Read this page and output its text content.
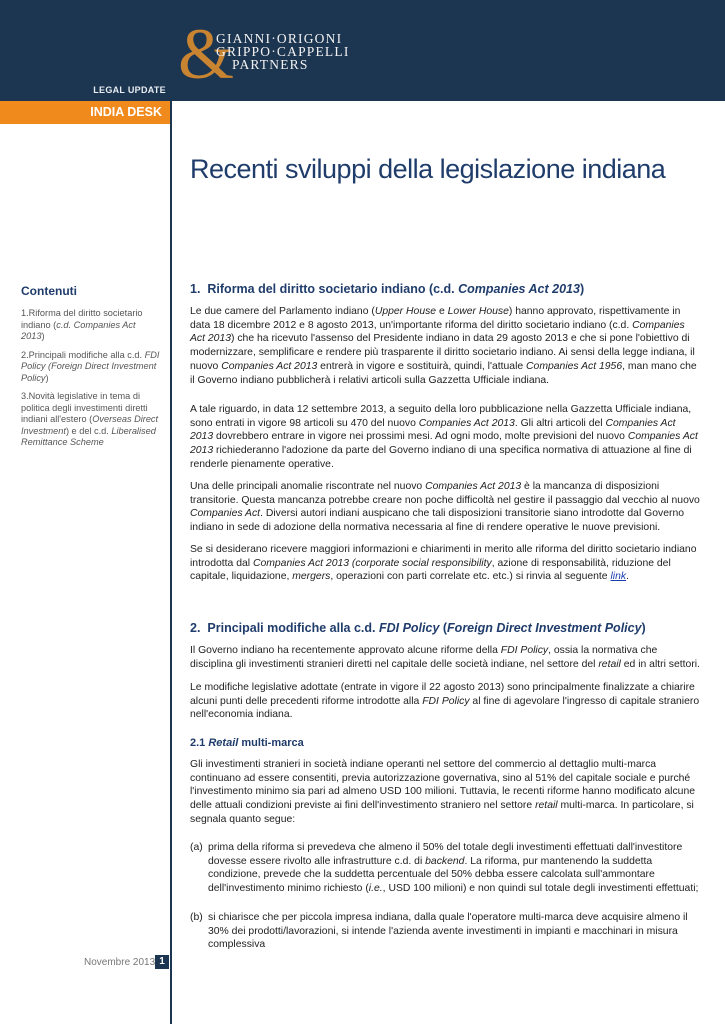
&
GIANNI·ORIGONI
GRIPPO·CAPPELLI
PARTNERS
LEGAL UPDATE
INDIA DESK
Recenti sviluppi della legislazione indiana
Contenuti
1.Riforma del diritto societario indiano (c.d. Companies Act 2013)
2.Principali modifiche alla c.d. FDI Policy (Foreign Direct Investment Policy)
3.Novità legislative in tema di politica degli investimenti diretti indiani all'estero (Overseas Direct Investment) e del c.d. Liberalised Remittance Scheme
Novembre 2013 1
1. Riforma del diritto societario indiano (c.d. Companies Act 2013)
Le due camere del Parlamento indiano (Upper House e Lower House) hanno approvato, rispettivamente in data 18 dicembre 2012 e 8 agosto 2013, un'importante riforma del diritto societario indiano (c.d. Companies Act 2013) che ha ricevuto l'assenso del Presidente indiano in data 29 agosto 2013 e che si pone l'obiettivo di modernizzare, semplificare e rendere più trasparente il diritto societario indiano. Ai sensi della legge indiana, il nuovo Companies Act 2013 entrerà in vigore e sostituirà, quindi, l'attuale Companies Act 1956, man mano che il Governo indiano pubblicherà i relativi articoli sulla Gazzetta Ufficiale indiana.
A tale riguardo, in data 12 settembre 2013, a seguito della loro pubblicazione nella Gazzetta Ufficiale indiana, sono entrati in vigore 98 articoli su 470 del nuovo Companies Act 2013. Gli altri articoli del Companies Act 2013 dovrebbero entrare in vigore nei prossimi mesi. Ad ogni modo, molte previsioni del nuovo Companies Act 2013 richiederanno l'adozione da parte del Governo indiano di una specifica normativa di attuazione al fine di renderle pienamente operative.
Una delle principali anomalie riscontrate nel nuovo Companies Act 2013 è la mancanza di disposizioni transitorie. Questa mancanza potrebbe creare non poche difficoltà nel gestire il passaggio dal vecchio al nuovo Companies Act. Diversi autori indiani auspicano che tali disposizioni transitorie siano introdotte dal Governo indiano in sede di adozione della normativa necessaria al fine di rendere operative le nuove previsioni.
Se si desiderano ricevere maggiori informazioni e chiarimenti in merito alle riforma del diritto societario indiano introdotta dal Companies Act 2013 (corporate social responsibility, azione di responsabilità, riduzione del capitale, liquidazione, mergers, operazioni con parti correlate etc. etc.) si rinvia al seguente link.
2. Principali modifiche alla c.d. FDI Policy (Foreign Direct Investment Policy)
Il Governo indiano ha recentemente approvato alcune riforme della FDI Policy, ossia la normativa che disciplina gli investimenti stranieri diretti nel capitale delle società indiane, nel settore del retail ed in altri settori.
Le modifiche legislative adottate (entrate in vigore il 22 agosto 2013) sono principalmente finalizzate a chiarire alcuni punti delle precedenti riforme introdotte alla FDI Policy al fine di agevolare l'ingresso di capitale straniero nell'economia indiana.
2.1 Retail multi-marca
Gli investimenti stranieri in società indiane operanti nel settore del commercio al dettaglio multi-marca continuano ad essere consentiti, previa autorizzazione governativa, sino al 51% del capitale sociale e purché l'investimento minimo sia pari ad almeno USD 100 milioni. Tuttavia, le recenti riforme hanno modificato alcune delle attuali condizioni previste ai fini dell'investimento straniero nel settore retail multi-marca. In particolare, si segnala quanto segue:
(a) prima della riforma si prevedeva che almeno il 50% del totale degli investimenti effettuati dall'investitore dovesse essere rivolto alle infrastrutture c.d. di backend. La riforma, pur mantenendo la suddetta condizione, prevede che la suddetta percentuale del 50% debba essere calcolata sull'ammontare dell'investimento minimo richiesto (i.e., USD 100 milioni) e non quindi sul totale degli investimenti effettuati;
(b) si chiarisce che per piccola impresa indiana, dalla quale l'operatore multi-marca deve acquisire almeno il 30% dei prodotti/lavorazioni, si intende l'azienda avente investimenti in impianti e macchinari in misura complessiva
